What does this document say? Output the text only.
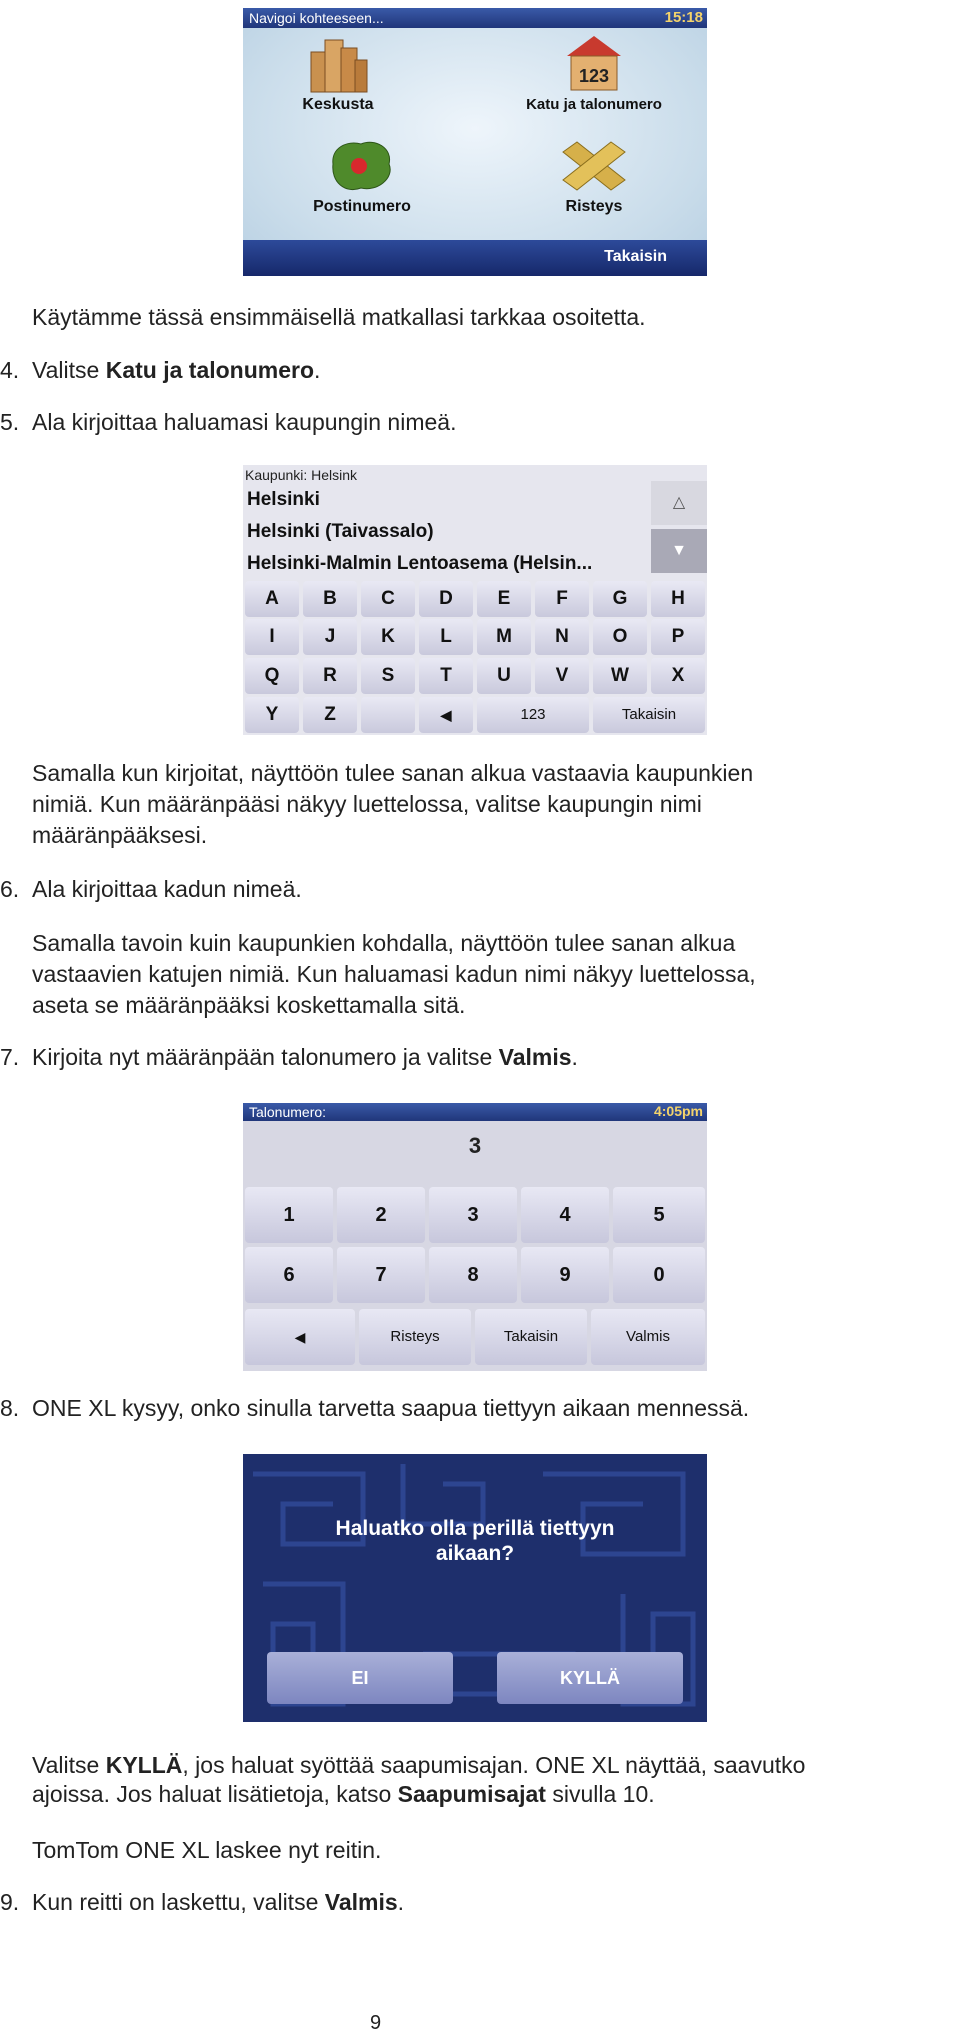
Navigoi kohteeseen...	15:18
Keskusta
123
Katu ja talonumero
Postinumero	Risteys
Takaisin

Käytämme tässä ensimmäisellä matkallasi tarkkaa osoitetta.

4. Valitse Katu ja talonumero.

5. Ala kirjoittaa haluamasi kaupungin nimeä.

Kaupunki: Helsink
Helsinki
Helsinki (Taivassalo)
Helsinki-Malmin Lentoasema (Helsin...
△
▼
A	B	C	D	E	F	G	H
I	J	K	L	M	N	O	P
Q	R	S	T	U	V	W	X
Y	Z	◀	123	Takaisin

Samalla kun kirjoitat, näyttöön tulee sanan alkua vastaavia kaupunkien

nimiä. Kun määränpääsi näkyy luettelossa, valitse kaupungin nimi

määränpääksesi.

6. Ala kirjoittaa kadun nimeä.

Samalla tavoin kuin kaupunkien kohdalla, näyttöön tulee sanan alkua

vastaavien katujen nimiä. Kun haluamasi kadun nimi näkyy luettelossa,

aseta se määränpääksi koskettamalla sitä.

7. Kirjoita nyt määränpään talonumero ja valitse Valmis.

Talonumero:	4:05pm
3
1	2	3	4	5
6	7	8	9	0
◀	Risteys	Takaisin	Valmis
8. ONE XL kysyy, onko sinulla tarvetta saapua tiettyyn aikaan mennessä.

Haluatko olla perillä tiettyyn
aikaan?
EI	KYLLÄ

Valitse KYLLÄ, jos haluat syöttää saapumisajan. ONE XL näyttää, saavutko

ajoissa. Jos haluat lisätietoja, katso Saapumisajat sivulla 10.

TomTom ONE XL laskee nyt reitin.

9. Kun reitti on laskettu, valitse Valmis.

9
